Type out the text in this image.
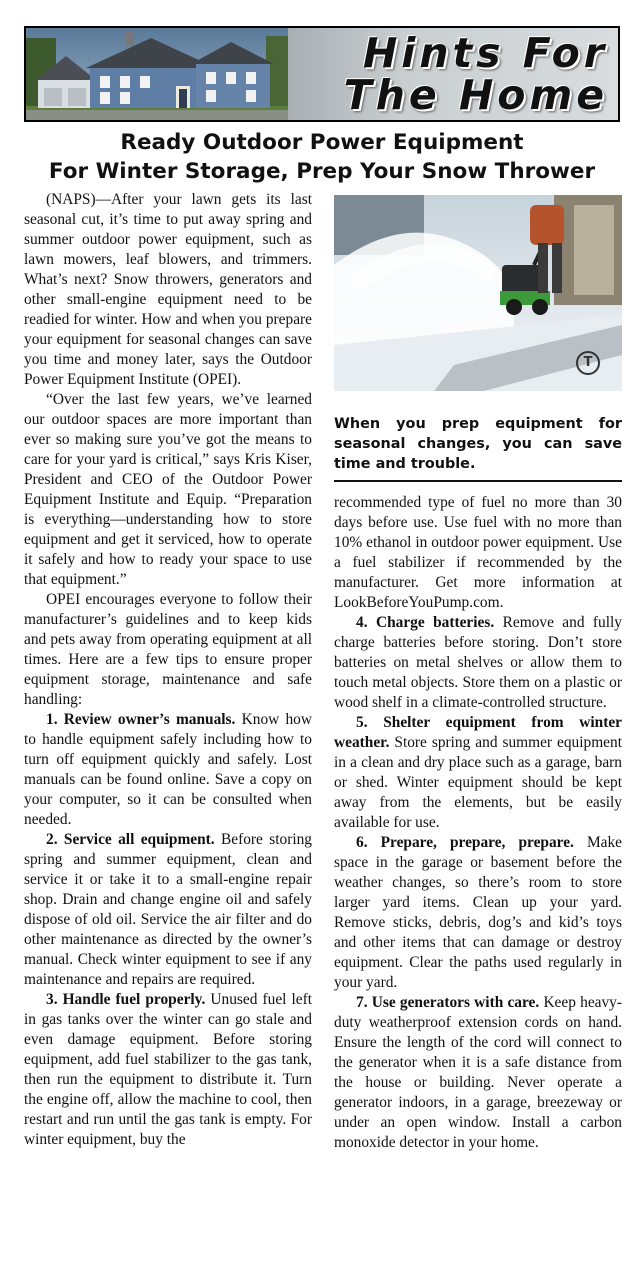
Hints For
The Home
Ready Outdoor Power Equipment
For Winter Storage, Prep Your Snow Thrower

(NAPS)—After your lawn gets its last seasonal cut, it’s time to put away spring and summer outdoor power equipment, such as lawn mowers, leaf blowers, and trimmers. What’s next? Snow throwers, generators and other small-engine equipment need to be readied for winter. How and when you prepare your equipment for seasonal changes can save you time and money later, says the Outdoor Power Equipment Institute (OPEI).

“Over the last few years, we’ve learned our outdoor spaces are more important than ever so making sure you’ve got the means to care for your yard is critical,” says Kris Kiser, President and CEO of the Outdoor Power Equipment Institute and Equip. “Preparation is everything—understanding how to store equipment and get it serviced, how to operate it safely and how to ready your space to use that equipment.”

OPEI encourages everyone to follow their manufacturer’s guidelines and to keep kids and pets away from operating equipment at all times. Here are a few tips to ensure proper equipment storage, maintenance and safe handling:

1. Review owner’s manuals. Know how to handle equipment safely including how to turn off equipment quickly and safely. Lost manuals can be found online. Save a copy on your computer, so it can be consulted when needed.

2. Service all equipment. Before storing spring and summer equipment, clean and service it or take it to a small-engine repair shop. Drain and change engine oil and safely dispose of old oil. Service the air filter and do other maintenance as directed by the owner’s manual. Check winter equipment to see if any maintenance and repairs are required.

3. Handle fuel properly. Unused fuel left in gas tanks over the winter can go stale and even damage equipment. Before storing equipment, add fuel stabilizer to the gas tank, then run the equipment to distribute it. Turn the engine off, allow the machine to cool, then restart and run until the gas tank is empty. For winter equipment, buy the

T
When you prep equipment for seasonal changes, you can save time and trouble.

recommended type of fuel no more than 30 days before use. Use fuel with no more than 10% ethanol in outdoor power equipment. Use a fuel stabilizer if recommended by the manufacturer. Get more information at LookBeforeYouPump.com.

4. Charge batteries. Remove and fully charge batteries before storing. Don’t store batteries on metal shelves or allow them to touch metal objects. Store them on a plastic or wood shelf in a climate-controlled structure.

5. Shelter equipment from winter weather. Store spring and summer equipment in a clean and dry place such as a garage, barn or shed. Winter equipment should be kept away from the elements, but be easily available for use.

6. Prepare, prepare, prepare. Make space in the garage or basement before the weather changes, so there’s room to store larger yard items. Clean up your yard. Remove sticks, debris, dog’s and kid’s toys and other items that can damage or destroy equipment. Clear the paths used regularly in your yard.

7. Use generators with care. Keep heavy-duty weatherproof extension cords on hand. Ensure the length of the cord will connect to the generator when it is a safe distance from the house or building. Never operate a generator indoors, in a garage, breezeway or under an open window. Install a carbon monoxide detector in your home.
